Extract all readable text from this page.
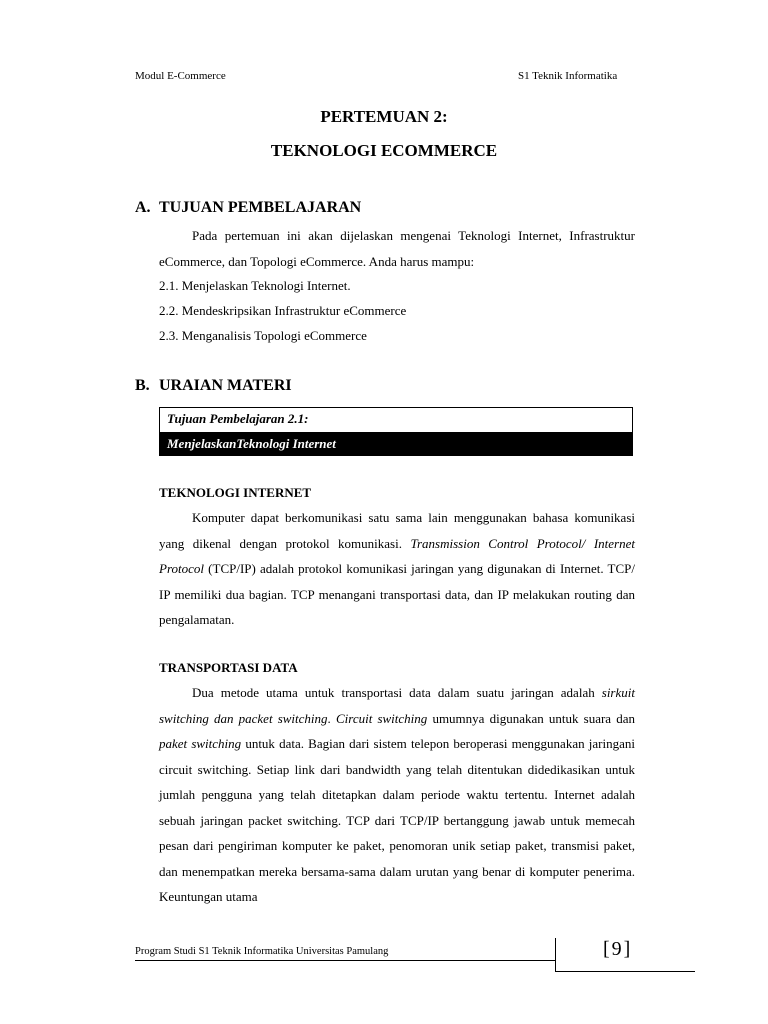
Modul E-Commerce	S1 Teknik Informatika
PERTEMUAN 2:
TEKNOLOGI ECOMMERCE
A. TUJUAN PEMBELAJARAN
Pada pertemuan ini akan dijelaskan mengenai Teknologi Internet, Infrastruktur eCommerce, dan Topologi eCommerce. Anda harus mampu:
2.1. Menjelaskan Teknologi Internet.
2.2. Mendeskripsikan Infrastruktur eCommerce
2.3. Menganalisis Topologi eCommerce
B. URAIAN MATERI
Tujuan Pembelajaran 2.1:
MenjelaskanTeknologi Internet
TEKNOLOGI INTERNET
Komputer dapat berkomunikasi satu sama lain menggunakan bahasa komunikasi yang dikenal dengan protokol komunikasi. Transmission Control Protocol/ Internet Protocol (TCP/IP) adalah protokol komunikasi jaringan yang digunakan di Internet. TCP/ IP memiliki dua bagian. TCP menangani transportasi data, dan IP melakukan routing dan pengalamatan.
TRANSPORTASI DATA
Dua metode utama untuk transportasi data dalam suatu jaringan adalah sirkuit switching dan packet switching. Circuit switching umumnya digunakan untuk suara dan paket switching untuk data. Bagian dari sistem telepon beroperasi menggunakan jaringani circuit switching. Setiap link dari bandwidth yang telah ditentukan didedikasikan untuk jumlah pengguna yang telah ditetapkan dalam periode waktu tertentu. Internet adalah sebuah jaringan packet switching. TCP dari TCP/IP bertanggung jawab untuk memecah pesan dari pengiriman komputer ke paket, penomoran unik setiap paket, transmisi paket, dan menempatkan mereka bersama-sama dalam urutan yang benar di komputer penerima. Keuntungan utama
Program Studi S1 Teknik Informatika Universitas Pamulang	[9]
